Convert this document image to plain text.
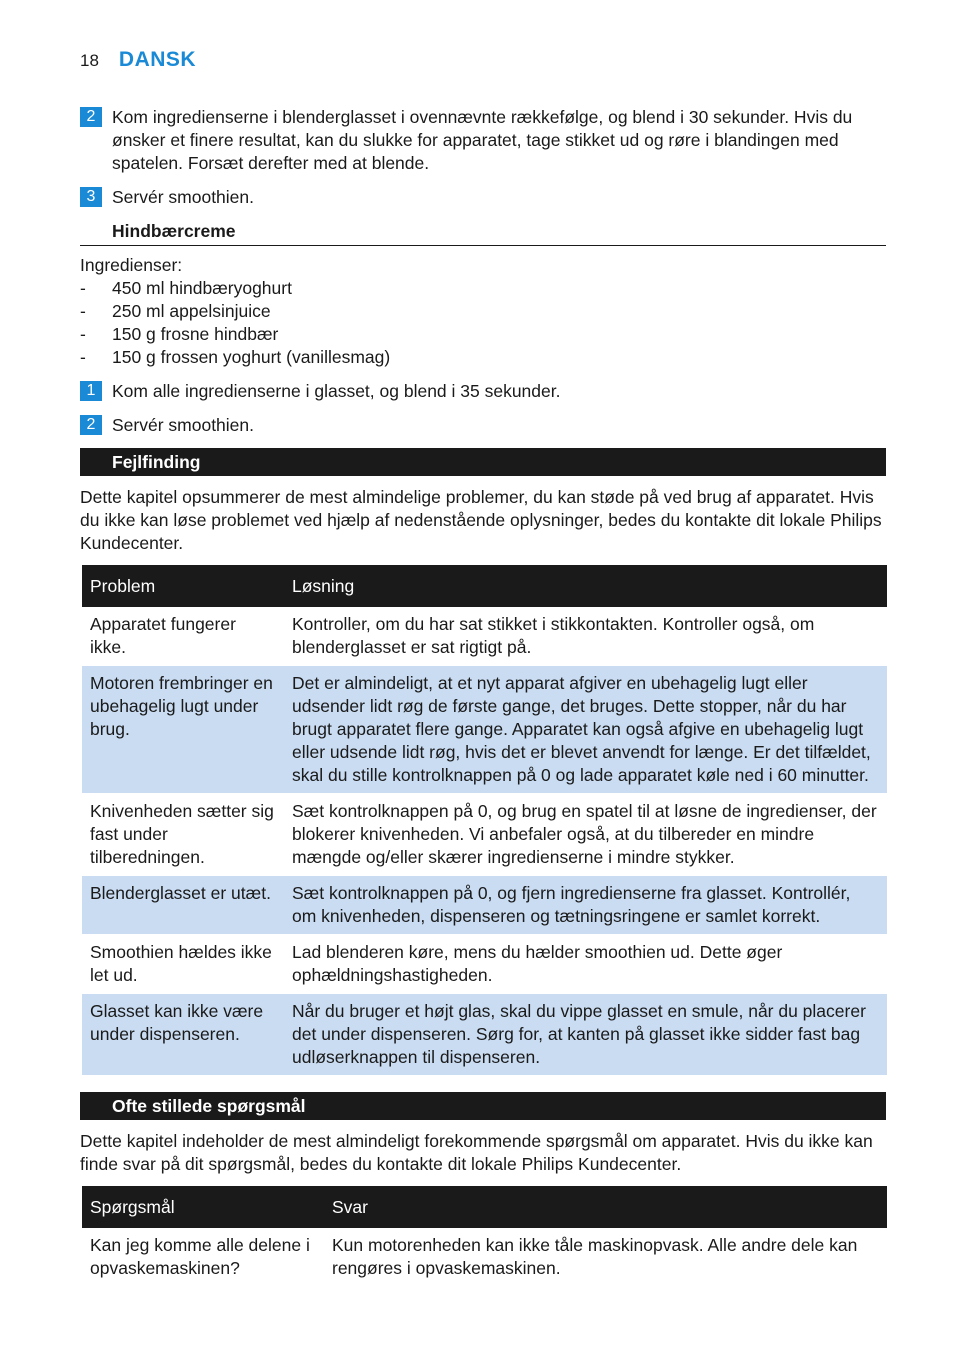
18 DANSK
2 Kom ingredienserne i blenderglasset i ovennævnte rækkefølge, og blend i 30 sekunder. Hvis du ønsker et finere resultat, kan du slukke for apparatet, tage stikket ud og røre i blandingen med spatelen. Forsæt derefter med at blende.
3 Servér smoothien.
Hindbærcreme
Ingredienser:
-	450 ml hindbæryoghurt
-	250 ml appelsinjuice
-	150 g frosne hindbær
-	150 g frossen yoghurt (vanillesmag)
1 Kom alle ingredienserne i glasset, og blend i 35 sekunder.
2 Servér smoothien.
Fejlfinding
Dette kapitel opsummerer de mest almindelige problemer, du kan støde på ved brug af apparatet. Hvis du ikke kan løse problemet ved hjælp af nedenstående oplysninger, bedes du kontakte dit lokale Philips Kundecenter.
Problem	Løsning
Apparatet fungerer ikke.	Kontroller, om du har sat stikket i stikkontakten. Kontroller også, om blenderglasset er sat rigtigt på.
Motoren frembringer en ubehagelig lugt under brug.	Det er almindeligt, at et nyt apparat afgiver en ubehagelig lugt eller udsender lidt røg de første gange, det bruges. Dette stopper, når du har brugt apparatet flere gange. Apparatet kan også afgive en ubehagelig lugt eller udsende lidt røg, hvis det er blevet anvendt for længe. Er det tilfældet, skal du stille kontrolknappen på 0 og lade apparatet køle ned i 60 minutter.
Knivenheden sætter sig fast under tilberedningen.	Sæt kontrolknappen på 0, og brug en spatel til at løsne de ingredienser, der blokerer knivenheden. Vi anbefaler også, at du tilbereder en mindre mængde og/eller skærer ingredienserne i mindre stykker.
Blenderglasset er utæt.	Sæt kontrolknappen på 0, og fjern ingredienserne fra glasset. Kontrollér, om knivenheden, dispenseren og tætningsringene er samlet korrekt.
Smoothien hældes ikke let ud.	Lad blenderen køre, mens du hælder smoothien ud. Dette øger ophældningshastigheden.
Glasset kan ikke være under dispenseren.	Når du bruger et højt glas, skal du vippe glasset en smule, når du placerer det under dispenseren. Sørg for, at kanten på glasset ikke sidder fast bag udløserknappen til dispenseren.
Ofte stillede spørgsmål
Dette kapitel indeholder de mest almindeligt forekommende spørgsmål om apparatet. Hvis du ikke kan finde svar på dit spørgsmål, bedes du kontakte dit lokale Philips Kundecenter.
Spørgsmål	Svar
Kan jeg komme alle delene i opvaskemaskinen?	Kun motorenheden kan ikke tåle maskinopvask. Alle andre dele kan rengøres i opvaskemaskinen.
